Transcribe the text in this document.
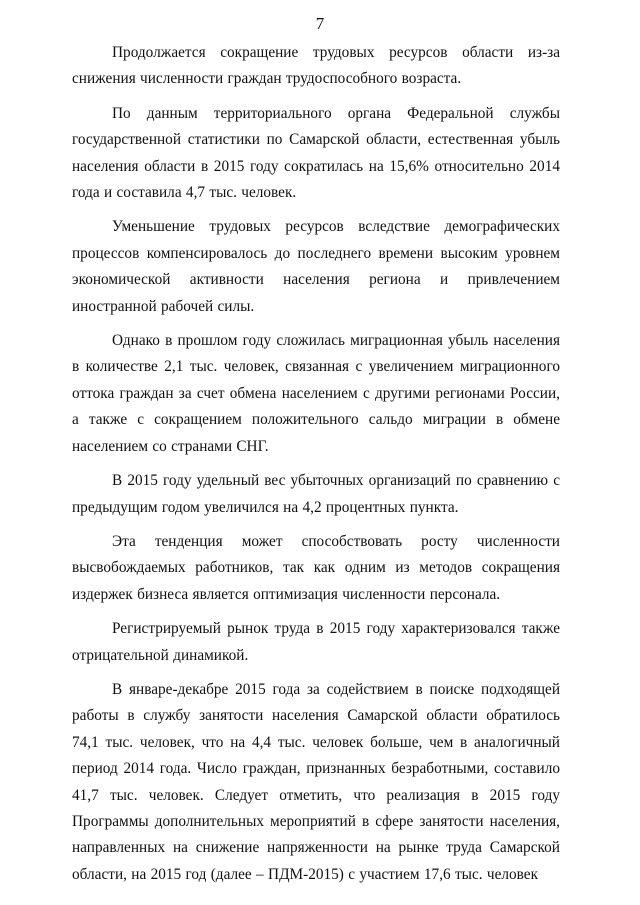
7

Продолжается сокращение трудовых ресурсов области из-за снижения численности граждан трудоспособного возраста.

По данным территориального органа Федеральной службы государственной статистики по Самарской области, естественная убыль населения области в 2015 году сократилась на 15,6% относительно 2014 года и составила 4,7 тыс. человек.

Уменьшение трудовых ресурсов вследствие демографических процессов компенсировалось до последнего времени высоким уровнем экономической активности населения региона и привлечением иностранной рабочей силы.

Однако в прошлом году сложилась миграционная убыль населения в количестве 2,1 тыс. человек, связанная с увеличением миграционного оттока граждан за счет обмена населением с другими регионами России, а также с сокращением положительного сальдо миграции в обмене населением со странами СНГ.

В 2015 году удельный вес убыточных организаций по сравнению с предыдущим годом увеличился на 4,2 процентных пункта.

Эта тенденция может способствовать росту численности высвобождаемых работников, так как одним из методов сокращения издержек бизнеса является оптимизация численности персонала.

Регистрируемый рынок труда в 2015 году характеризовался также отрицательной динамикой.

В январе-декабре 2015 года за содействием в поиске подходящей работы в службу занятости населения Самарской области обратилось 74,1 тыс. человек, что на 4,4 тыс. человек больше, чем в аналогичный период 2014 года. Число граждан, признанных безработными, составило 41,7 тыс. человек. Следует отметить, что реализация в 2015 году Программы дополнительных мероприятий в сфере занятости населения, направленных на снижение напряженности на рынке труда Самарской области, на 2015 год (далее – ПДМ-2015) с участием 17,6 тыс. человек
